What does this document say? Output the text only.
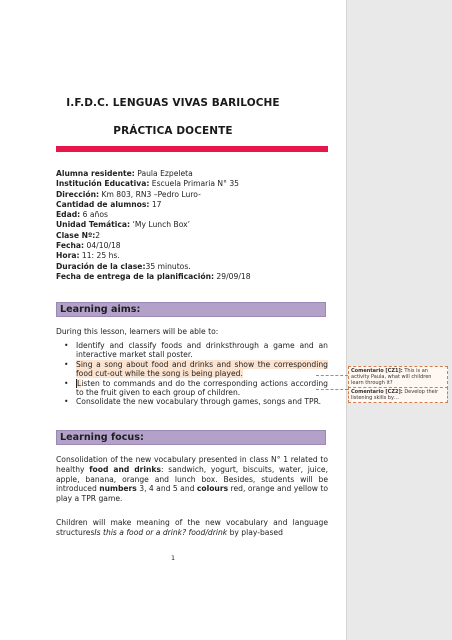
I.F.D.C. LENGUAS VIVAS BARILOCHE
PRÁCTICA DOCENTE
Alumna residente: Paula Ezpeleta
Institución Educativa: Escuela Primaria N° 35
Dirección: Km 803, RN3 –Pedro Luro-
Cantidad de alumnos: 17
Edad: 6 años
Unidad Temática: ‘My Lunch Box’
Clase Nº:2
Fecha: 04/10/18
Hora: 11: 25 hs.
Duración de la clase:35 minutos.
Fecha de entrega de la planificación: 29/09/18
Learning aims:
During this lesson, learners will be able to:
• Identify and classify foods and drinksthrough a game and an interactive market stall poster.
• Sing a song about food and drinks and show the corresponding food cut-out while the song is being played.
• Listen to commands and do the corresponding actions according to the fruit given to each group of children.
• Consolidate the new vocabulary through games, songs and TPR.
Learning focus:
Consolidation of the new vocabulary presented in class N° 1 related to healthy food and drinks: sandwich, yogurt, biscuits, water, juice, apple, banana, orange and lunch box. Besides, students will be introduced numbers 3, 4 and 5 and colours red, orange and yellow to play a TPR game.
Children will make meaning of the new vocabulary and language structuresIs this a food or a drink? food/drink by play-based
Comentario [CZ1]: This is an activity Paula, what will children learn through it?
Comentario [CZ2]: Develop their listening skills by…
1
